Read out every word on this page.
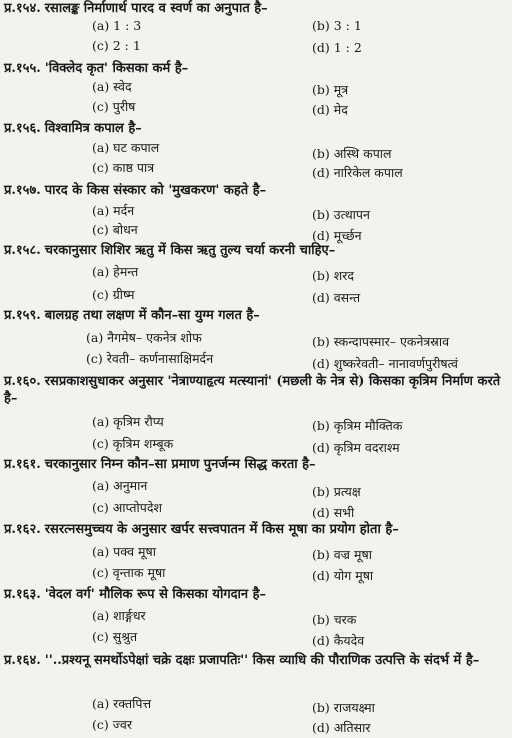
प्र.१५४. रसालङ्क निर्माणार्थ पारद व स्वर्ण का अनुपात है–
(a) 1 : 3	(b) 3 : 1
(c) 2 : 1	(d) 1 : 2
प्र.१५५. 'विक्लेद कृत' किसका कर्म है–
(a) स्वेद	(b) मूत्र
(c) पुरीष	(d) मेद
प्र.१५६. विश्वामित्र कपाल है–
(a) घट कपाल	(b) अस्थि कपाल
(c) काष्ठ पात्र	(d) नारिकेल कपाल
प्र.१५७. पारद के किस संस्कार को 'मुखकरण' कहते है–
(a) मर्दन	(b) उत्थापन
(c) बोधन	(d) मूर्च्छन
प्र.१५८. चरकानुसार शिशिर ऋतु में किस ऋतु तुल्य चर्या करनी चाहिए–
(a) हेमन्त	(b) शरद
(c) ग्रीष्म	(d) वसन्त
प्र.१५९. बालग्रह तथा लक्षण में कौन–सा युग्म गलत है–
(a) नैगमेष– एकनेत्र शोफ	(b) स्कन्दापस्मार– एकनेत्रस्राव
(c) रेवती– कर्णनासाक्षिमर्दन	(d) शुष्करेवती– नानावर्णपुरीषत्वं
प्र.१६०. रसप्रकाशसुधाकर अनुसार 'नेत्राण्याहृत्य मत्स्यानां' (मछली के नेत्र से) किसका कृत्रिम निर्माण करते है–
(a) कृत्रिम रौप्य	(b) कृत्रिम मौक्तिक
(c) कृत्रिम शम्बूक	(d) कृत्रिम वदराश्म
प्र.१६१. चरकानुसार निम्न कौन–सा प्रमाण पुनर्जन्म सिद्ध करता है–
(a) अनुमान	(b) प्रत्यक्ष
(c) आप्तोपदेश	(d) सभी
प्र.१६२. रसरत्नसमुच्चय के अनुसार खर्पर सत्त्वपातन में किस मूषा का प्रयोग होता है–
(a) पक्व मूषा	(b) वज्र मूषा
(c) वृन्ताक मूषा	(d) योग मूषा
प्र.१६३. 'वेदल वर्ग' मौलिक रूप से किसका योगदान है–
(a) शार्ङ्गधर	(b) चरक
(c) सुश्रुत	(d) कैयदेव
प्र.१६४. ''..प्रश्यनू समर्थोऽपेक्षां चक्रे दक्षः प्रजापतिः'' किस व्याधि की पौराणिक उत्पत्ति के संदर्भ में है–
(a) रक्तपित्त	(b) राजयक्ष्मा
(c) ज्वर	(d) अतिसार
